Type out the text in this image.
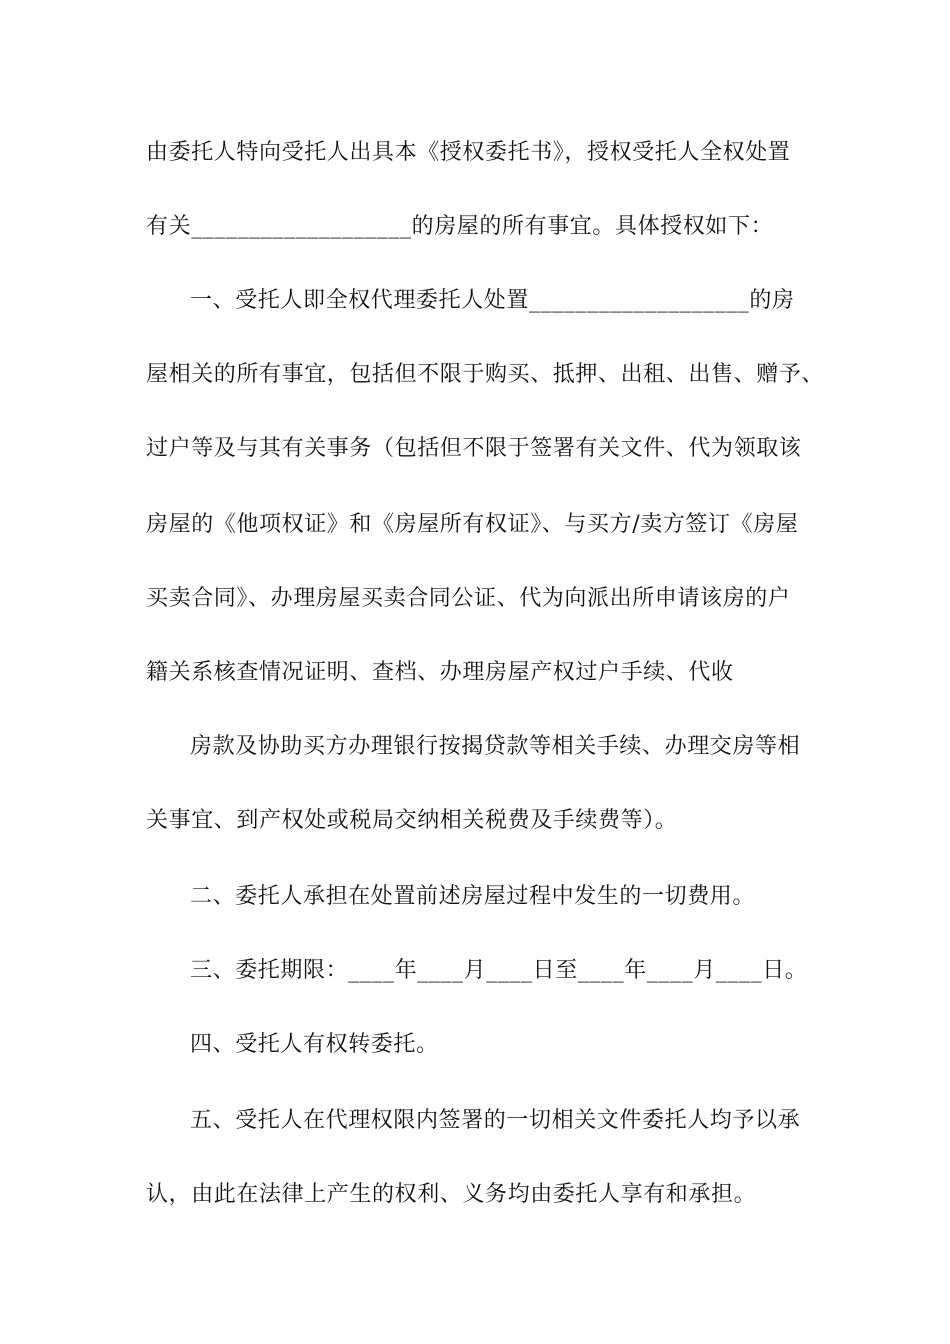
由委托人特向受托人出具本《授权委托书》，授权受托人全权处置
有关___________________的房屋的所有事宜。具体授权如下：
一、受托人即全权代理委托人处置___________________的房
屋相关的所有事宜，包括但不限于购买、抵押、出租、出售、赠予、
过户等及与其有关事务（包括但不限于签署有关文件、代为领取该
房屋的《他项权证》和《房屋所有权证》、与买方/卖方签订《房屋
买卖合同》、办理房屋买卖合同公证、代为向派出所申请该房的户
籍关系核查情况证明、查档、办理房屋产权过户手续、代收
房款及协助买方办理银行按揭贷款等相关手续、办理交房等相
关事宜、到产权处或税局交纳相关税费及手续费等）。
二、委托人承担在处置前述房屋过程中发生的一切费用。
三、委托期限：____年____月____日至____年____月____日。
四、受托人有权转委托。
五、受托人在代理权限内签署的一切相关文件委托人均予以承
认，由此在法律上产生的权利、义务均由委托人享有和承担。
